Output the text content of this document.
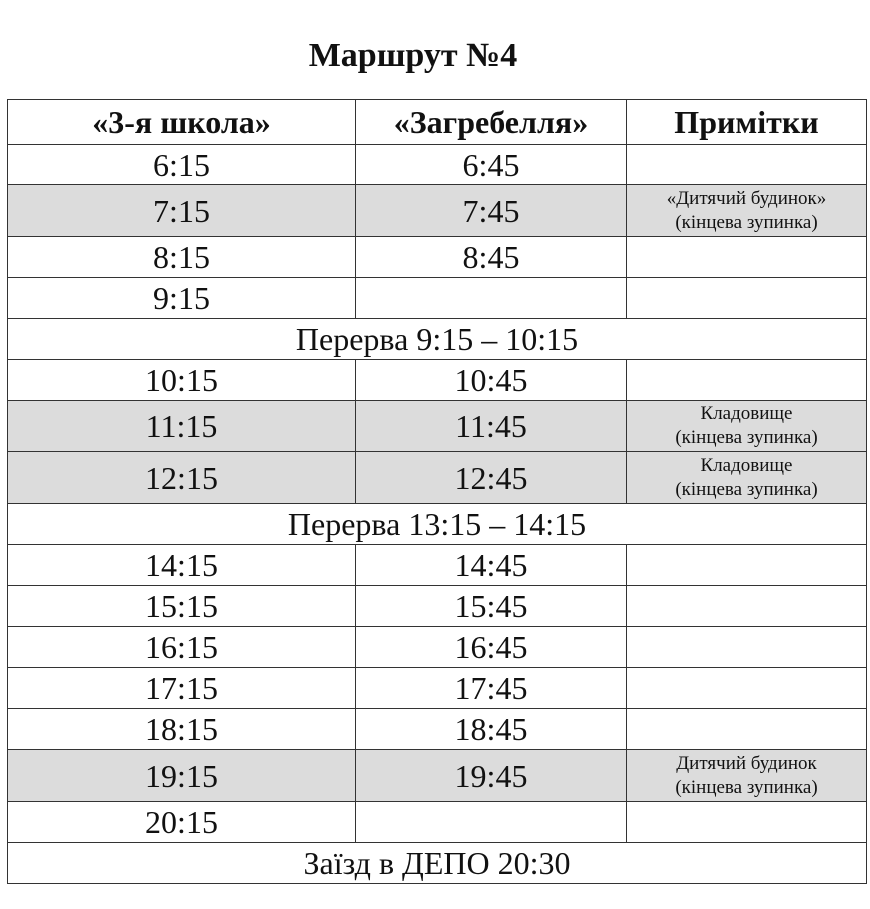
Маршрут №4
«3-я школа»	«Загребелля»	Примітки
6:15	6:45	
7:15	7:45	«Дитячий будинок»
(кінцева зупинка)

8:15	8:45	
9:15		
Перерва 9:15 – 10:15		
10:15	10:45	
11:15	11:45	Кладовище
(кінцева зупинка)

12:15	12:45	Кладовище
(кінцева зупинка)

Перерва 13:15 – 14:15		
14:15	14:45	
15:15	15:45	
16:15	16:45	
17:15	17:45	
18:15	18:45	
19:15	19:45	Дитячий будинок
(кінцева зупинка)

20:15		
Заїзд в ДЕПО 20:30		
